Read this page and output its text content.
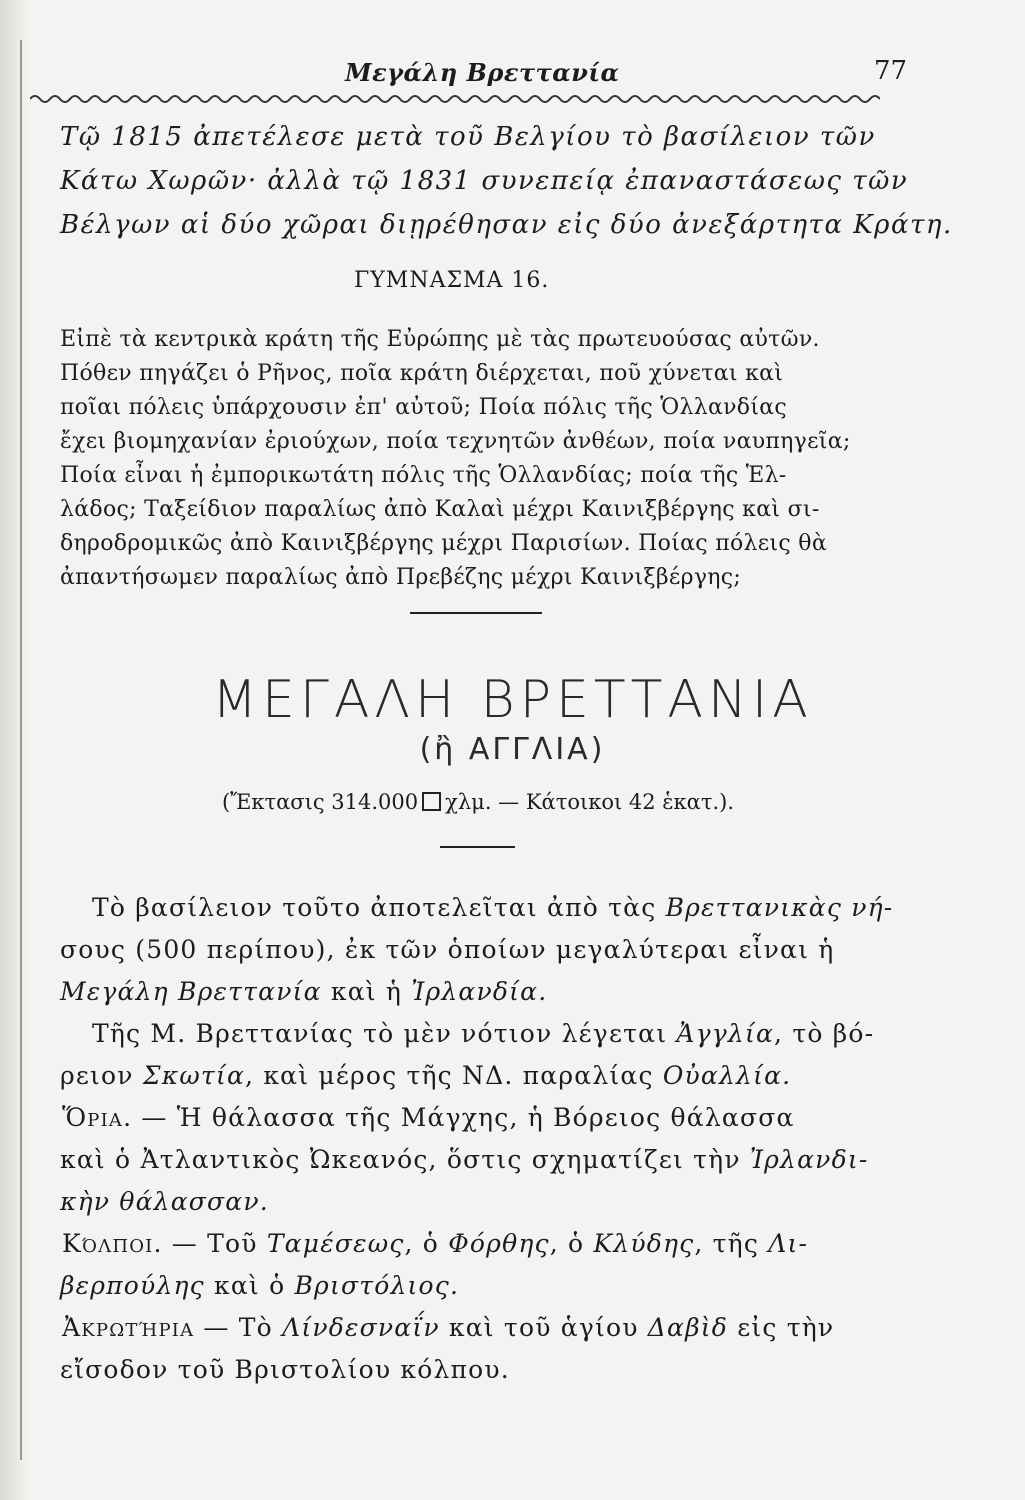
Μεγάλη Βρεττανία	77
Τῷ 1815 ἀπετέλεσε μετὰ τοῦ Βελγίου τὸ βασίλειον τῶν
Κάτω Χωρῶν· ἀλλὰ τῷ 1831 συνεπείᾳ ἐπαναστάσεως τῶν
Βέλγων αἱ δύο χῶραι διῃρέθησαν εἰς δύο ἀνεξάρτητα Κράτη.
ΓΥΜΝΑΣΜΑ 16.
Εἰπὲ τὰ κεντρικὰ κράτη τῆς Εὐρώπης μὲ τὰς πρωτευούσας αὐτῶν.
Πόθεν πηγάζει ὁ Ρῆνος, ποῖα κράτη διέρχεται, ποῦ χύνεται καὶ
ποῖαι πόλεις ὑπάρχουσιν ἐπ' αὐτοῦ; Ποία πόλις τῆς Ὁλλανδίας
ἔχει βιομηχανίαν ἐριούχων, ποία τεχνητῶν ἀνθέων, ποία ναυπηγεῖα;
Ποία εἶναι ἡ ἐμπορικωτάτη πόλις τῆς Ὁλλανδίας; ποία τῆς Ἑλ-
λάδος; Ταξείδιον παραλίως ἀπὸ Καλαὶ μέχρι Καινιξβέργης καὶ σι-
δηροδρομικῶς ἀπὸ Καινιξβέργης μέχρι Παρισίων. Ποίας πόλεις θὰ
ἀπαντήσωμεν παραλίως ἀπὸ Πρεβέζης μέχρι Καινιξβέργης;
ΜΕΓΑΛΗ ΒΡΕΤΤΑΝΙΑ
(ἢ ΑΓΓΛΙΑ)
(Ἔκτασις 314.000 χλμ. — Κάτοικοι 42 ἑκατ.).
Τὸ βασίλειον τοῦτο ἀποτελεῖται ἀπὸ τὰς Βρεττανικὰς νή-
σους (500 περίπου), ἐκ τῶν ὁποίων μεγαλύτεραι εἶναι ἡ
Μεγάλη Βρεττανία καὶ ἡ Ἰρλανδία.
Τῆς Μ. Βρεττανίας τὸ μὲν νότιον λέγεται Ἀγγλία, τὸ βό-
ρειον Σκωτία, καὶ μέρος τῆς ΝΔ. παραλίας Οὐαλλία.
Ὅρια. — Ἡ θάλασσα τῆς Μάγχης, ἡ Βόρειος θάλασσα
καὶ ὁ Ἀτλαντικὸς Ὠκεανός, ὅστις σχηματίζει τὴν Ἰρλανδι-
κὴν θάλασσαν.
Κόλποι. — Τοῦ Ταμέσεως, ὁ Φόρθης, ὁ Κλύδης, τῆς Λι-
βερπούλης καὶ ὁ Βριστόλιος.
Ἀκρωτήρια — Τὸ Λίνδεσναΐν καὶ τοῦ ἁγίου Δαβὶδ εἰς τὴν
εἴσοδον τοῦ Βριστολίου κόλπου.
